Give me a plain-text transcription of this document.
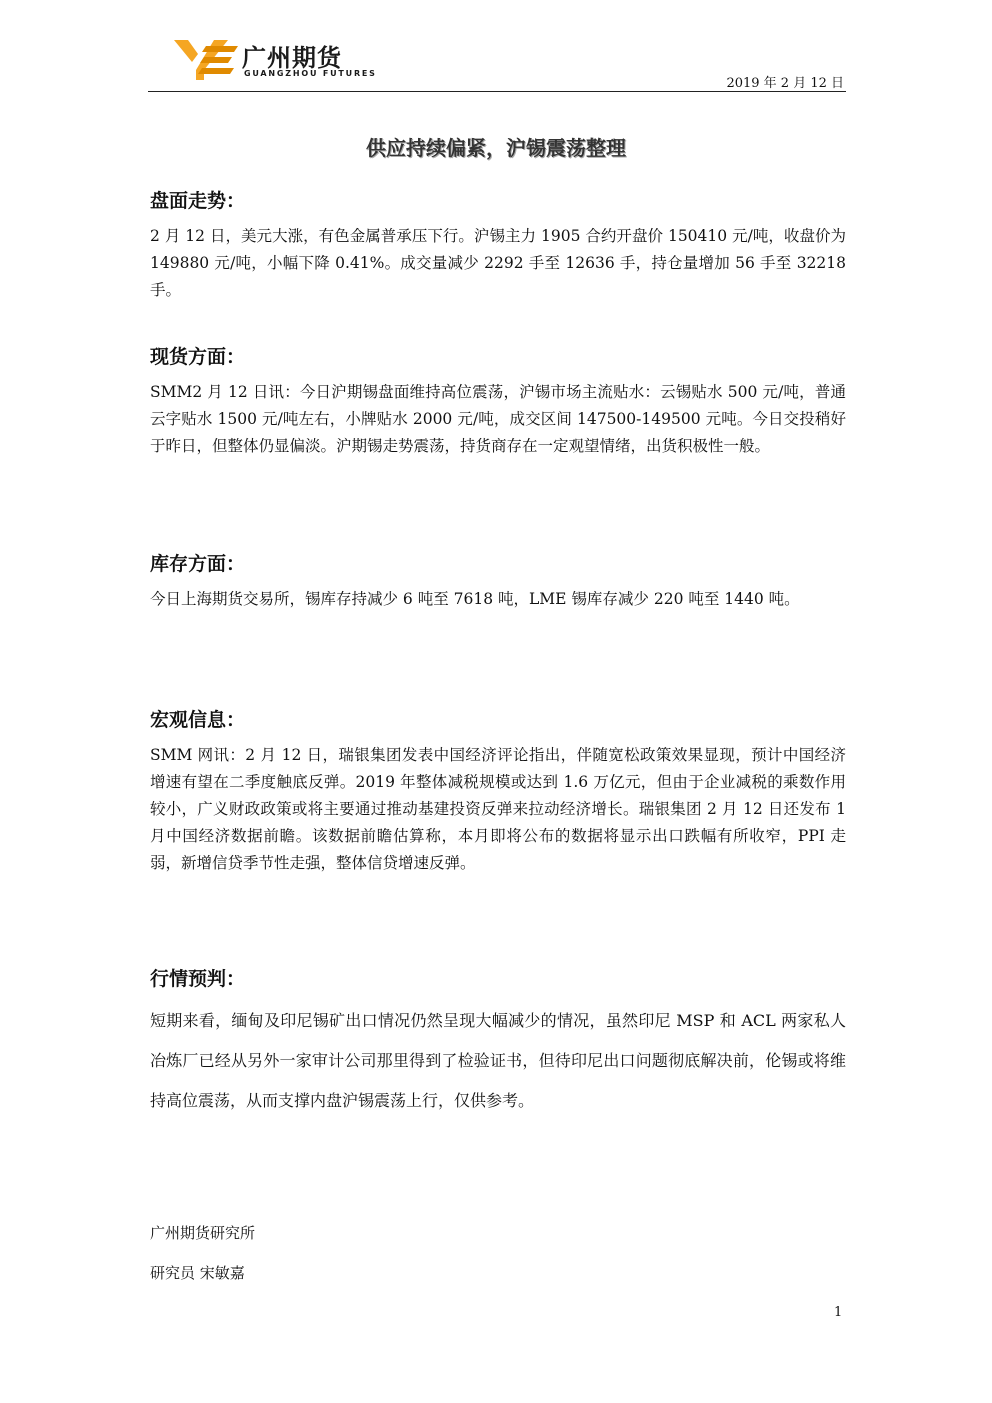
广州期货
GUANGZHOU FUTURES
2019 年 2 月 12 日
供应持续偏紧，沪锡震荡整理
盘面走势：

2 月 12 日，美元大涨，有色金属普承压下行。沪锡主力 1905 合约开盘价 150410 元/吨，收盘价为 149880 元/吨，小幅下降 0.41%。成交量减少 2292 手至 12636 手，持仓量增加 56 手至 32218 手。

现货方面：

SMM2 月 12 日讯：今日沪期锡盘面维持高位震荡，沪锡市场主流贴水：云锡贴水 500 元/吨，普通云字贴水 1500 元/吨左右，小牌贴水 2000 元/吨，成交区间 147500-149500 元吨。今日交投稍好于昨日，但整体仍显偏淡。沪期锡走势震荡，持货商存在一定观望情绪，出货积极性一般。

库存方面：

今日上海期货交易所，锡库存持减少 6 吨至 7618 吨，LME 锡库存减少 220 吨至 1440 吨。

宏观信息：

SMM 网讯：2 月 12 日，瑞银集团发表中国经济评论指出，伴随宽松政策效果显现，预计中国经济增速有望在二季度触底反弹。2019 年整体减税规模或达到 1.6 万亿元，但由于企业减税的乘数作用较小，广义财政政策或将主要通过推动基建投资反弹来拉动经济增长。瑞银集团 2 月 12 日还发布 1 月中国经济数据前瞻。该数据前瞻估算称，本月即将公布的数据将显示出口跌幅有所收窄，PPI 走弱，新增信贷季节性走强，整体信贷增速反弹。

行情预判：

短期来看，缅甸及印尼锡矿出口情况仍然呈现大幅减少的情况，虽然印尼 MSP 和 ACL 两家私人冶炼厂已经从另外一家审计公司那里得到了检验证书，但待印尼出口问题彻底解决前，伦锡或将维持高位震荡，从而支撑内盘沪锡震荡上行，仅供参考。

广州期货研究所
研究员 宋敏嘉
1
